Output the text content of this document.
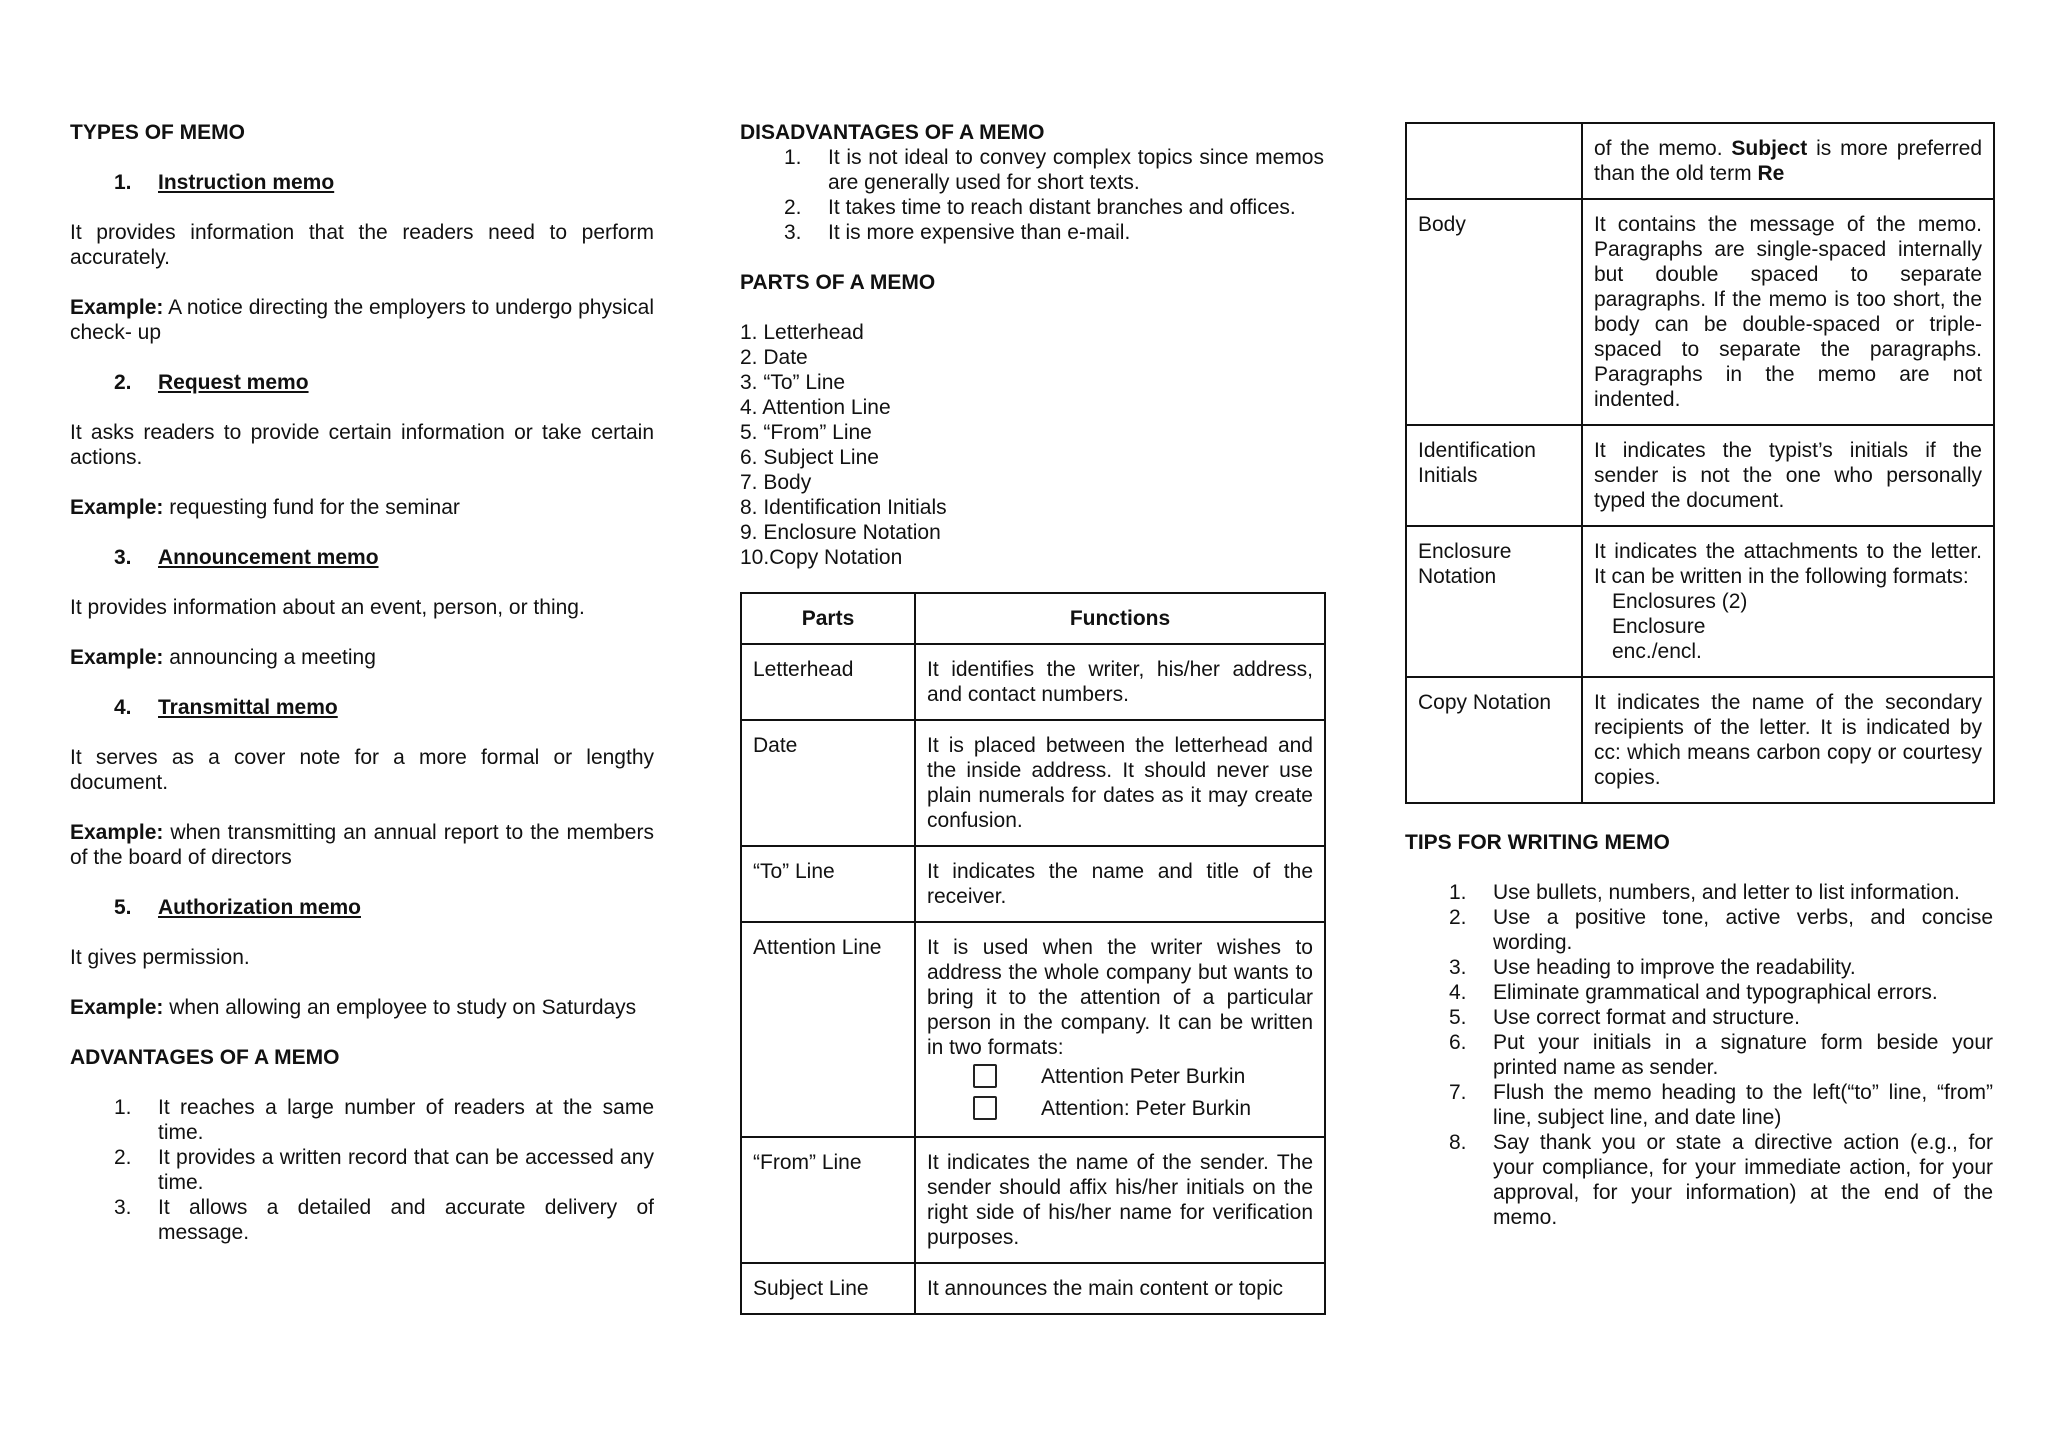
TYPES OF MEMO
1. Instruction memo

It provides information that the readers need to perform accurately.

Example: A notice directing the employers to undergo physical check- up

2. Request memo

It asks readers to provide certain information or take certain actions.

Example: requesting fund for the seminar

3. Announcement memo

It provides information about an event, person, or thing.

Example: announcing a meeting

4. Transmittal memo

It serves as a cover note for a more formal or lengthy document.

Example: when transmitting an annual report to the members of the board of directors

5. Authorization memo

It gives permission.

Example: when allowing an employee to study on Saturdays

ADVANTAGES OF A MEMO
1.	It reaches a large number of readers at the same time.
2.	It provides a written record that can be accessed any time.
3.	It allows a detailed and accurate delivery of message.
DISADVANTAGES OF A MEMO
1.	It is not ideal to convey complex topics since memos are generally used for short texts.
2.	It takes time to reach distant branches and offices.
3.	It is more expensive than e-mail.
PARTS OF A MEMO
1. Letterhead
2. Date
3. “To” Line
4. Attention Line
5. “From” Line
6. Subject Line
7. Body
8. Identification Initials
9. Enclosure Notation
10.Copy Notation
Parts	Functions
Letterhead	It identifies the writer, his/her address, and contact numbers.
Date	It is placed between the letterhead and the inside address. It should never use plain numerals for dates as it may create confusion.
“To” Line	It indicates the name and title of the receiver.
Attention Line	It is used when the writer wishes to address the whole company but wants to bring it to the attention of a particular person in the company. It can be written in two formats:
Attention Peter Burkin
Attention: Peter Burkin

“From” Line	It indicates the name of the sender. The sender should affix his/her initials on the right side of his/her name for verification purposes.
Subject Line	It announces the main content or topic
	of the memo. Subject is more preferred than the old term Re
Body	It contains the message of the memo. Paragraphs are single-spaced internally but double spaced to separate paragraphs. If the memo is too short, the body can be double-spaced or triple-spaced to separate the paragraphs. Paragraphs in the memo are not indented.
Identification Initials	It indicates the typist’s initials if the sender is not the one who personally typed the document.
Enclosure Notation	It indicates the attachments to the letter. It can be written in the following formats:
Enclosures (2)
Enclosure
enc./encl.

Copy Notation	It indicates the name of the secondary recipients of the letter. It is indicated by cc: which means carbon copy or courtesy copies.
TIPS FOR WRITING MEMO
1.	Use bullets, numbers, and letter to list information.
2.	Use a positive tone, active verbs, and concise wording.
3.	Use heading to improve the readability.
4.	Eliminate grammatical and typographical errors.
5.	Use correct format and structure.
6.	Put your initials in a signature form beside your printed name as sender.
7.	Flush the memo heading to the left(“to” line, “from” line, subject line, and date line)
8.	Say thank you or state a directive action (e.g., for your compliance, for your immediate action, for your approval, for your information) at the end of the memo.
